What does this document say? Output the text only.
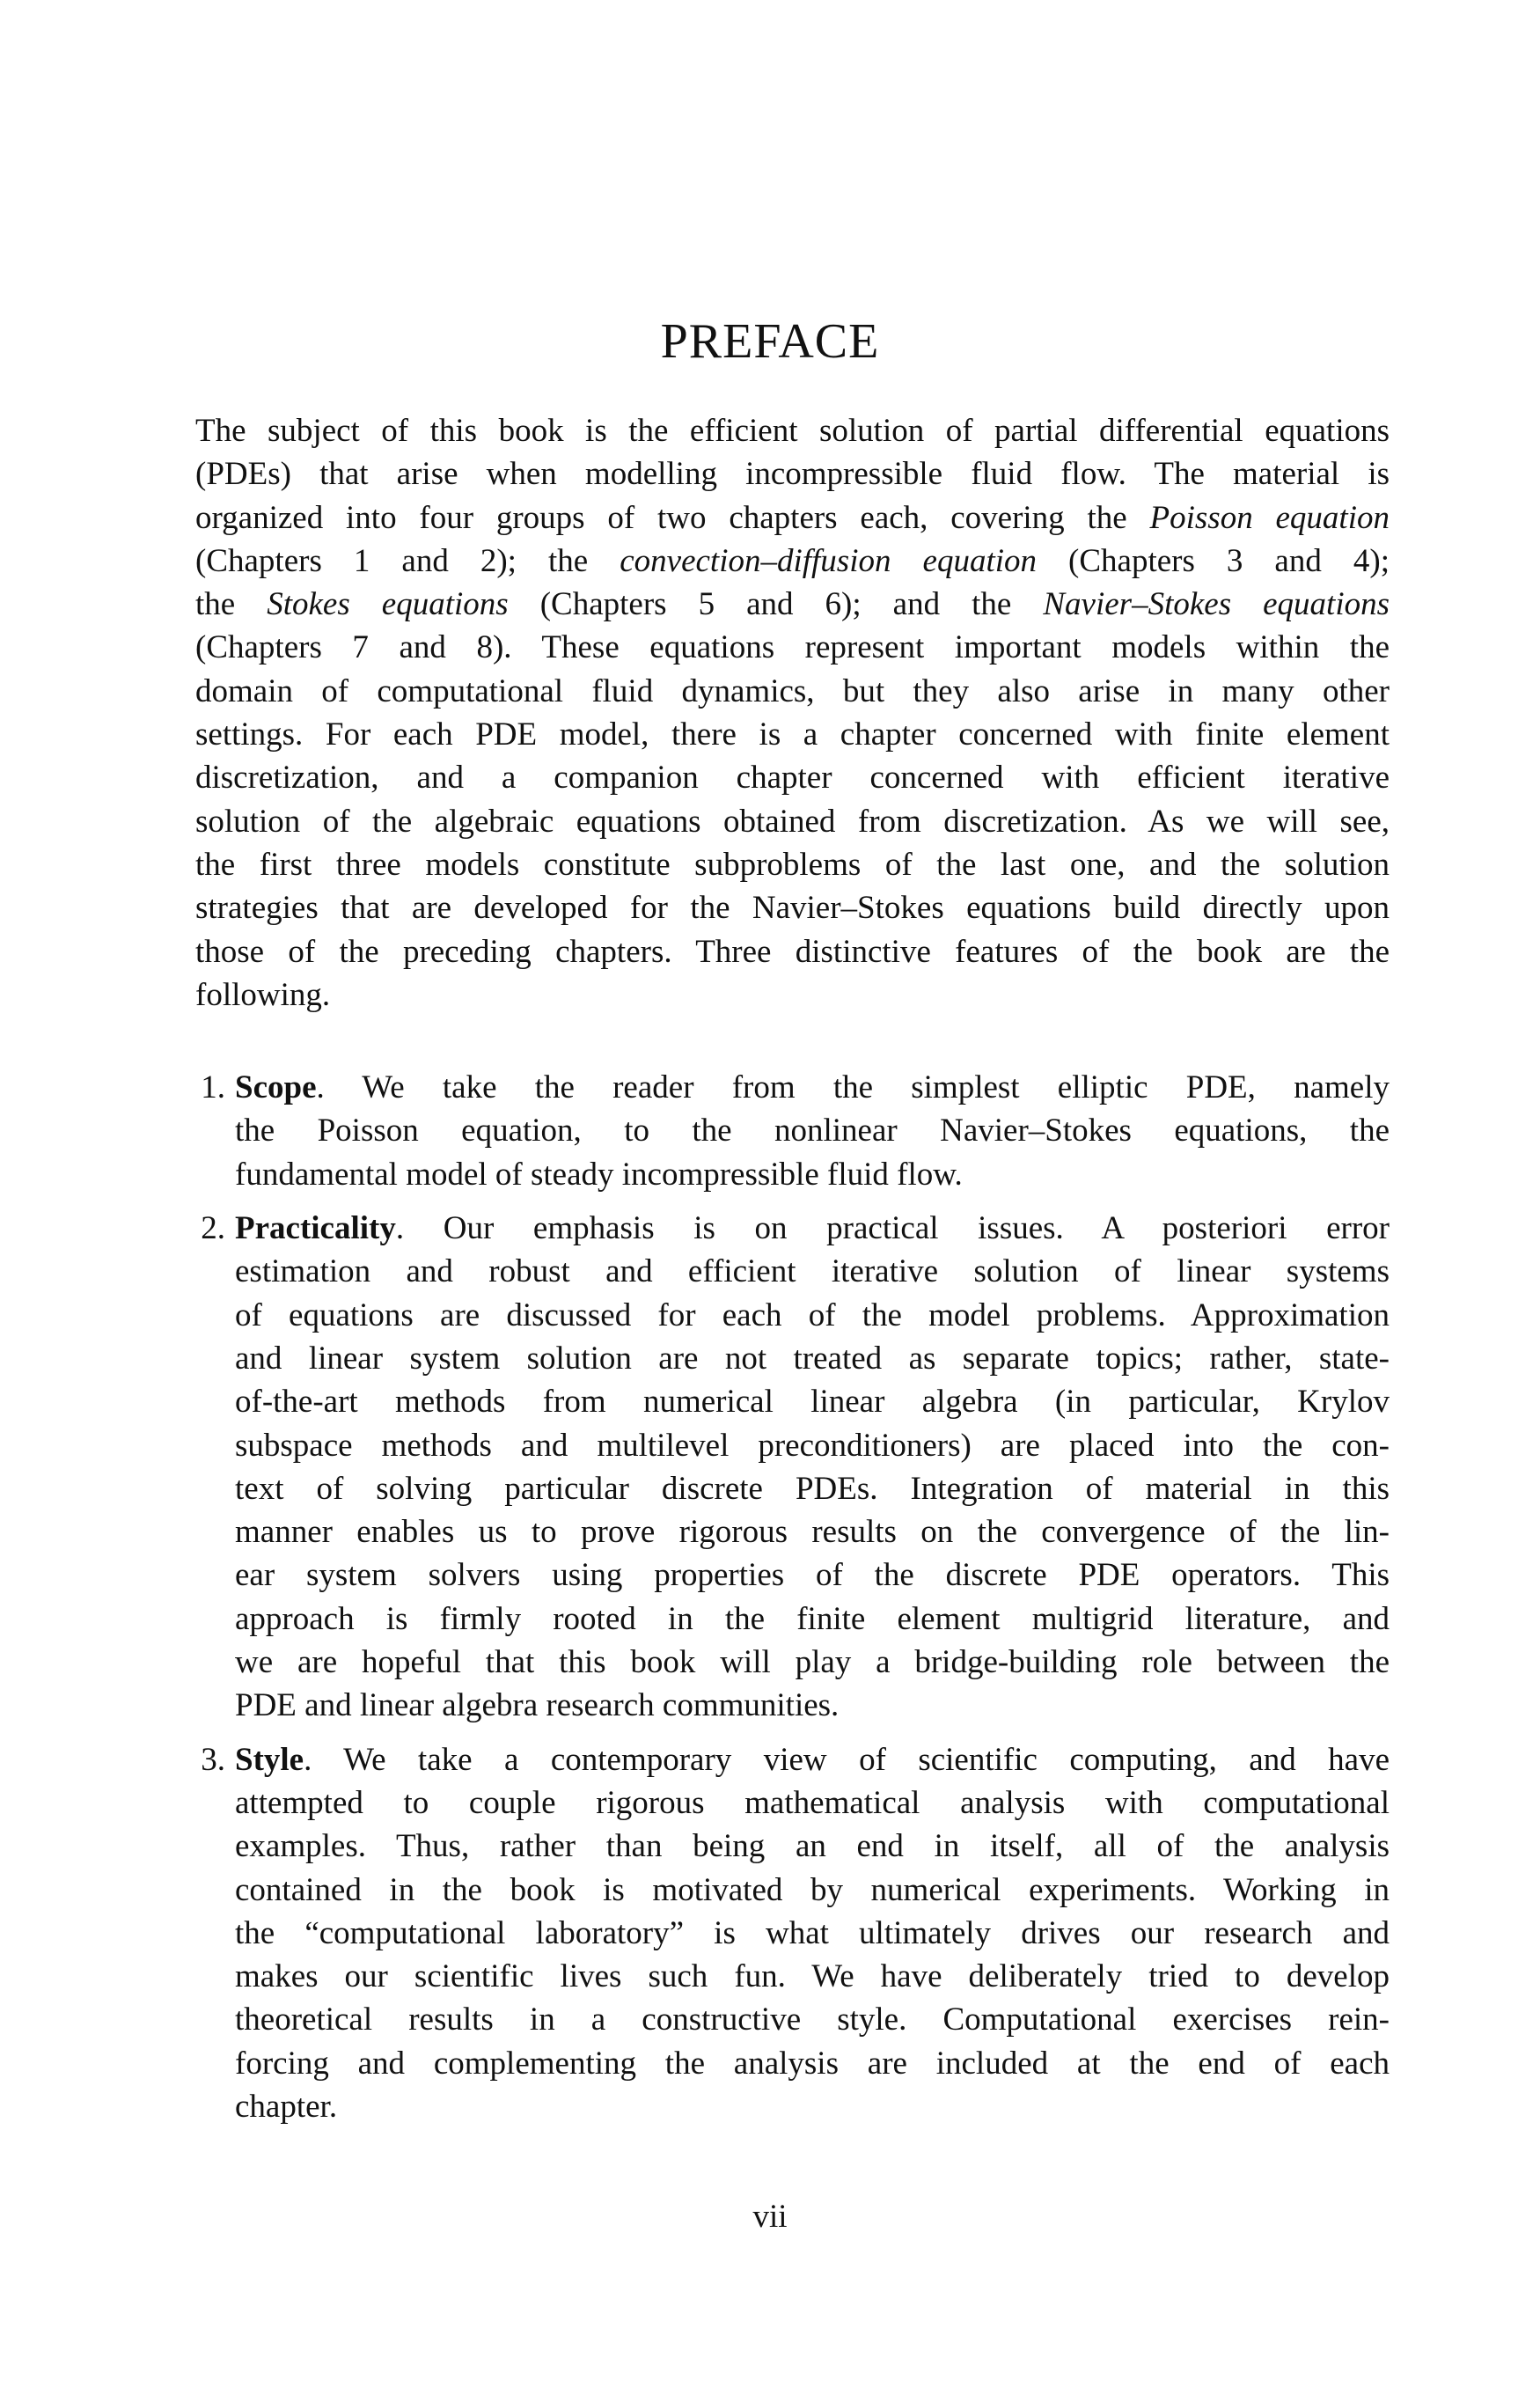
PREFACE
The subject of this book is the efficient solution of partial differential equations
(PDEs) that arise when modelling incompressible fluid flow. The material is
organized into four groups of two chapters each, covering the Poisson equation
(Chapters 1 and 2); the convection–diffusion equation (Chapters 3 and 4);
the Stokes equations (Chapters 5 and 6); and the Navier–Stokes equations
(Chapters 7 and 8). These equations represent important models within the
domain of computational fluid dynamics, but they also arise in many other
settings. For each PDE model, there is a chapter concerned with finite element
discretization, and a companion chapter concerned with efficient iterative
solution of the algebraic equations obtained from discretization. As we will see,
the first three models constitute subproblems of the last one, and the solution
strategies that are developed for the Navier–Stokes equations build directly upon
those of the preceding chapters. Three distinctive features of the book are the
following.
1. Scope. We take the reader from the simplest elliptic PDE, namely
the Poisson equation, to the nonlinear Navier–Stokes equations, the
fundamental model of steady incompressible fluid flow.
2. Practicality. Our emphasis is on practical issues. A posteriori error
estimation and robust and efficient iterative solution of linear systems
of equations are discussed for each of the model problems. Approximation
and linear system solution are not treated as separate topics; rather, state-
of-the-art methods from numerical linear algebra (in particular, Krylov
subspace methods and multilevel preconditioners) are placed into the con-
text of solving particular discrete PDEs. Integration of material in this
manner enables us to prove rigorous results on the convergence of the lin-
ear system solvers using properties of the discrete PDE operators. This
approach is firmly rooted in the finite element multigrid literature, and
we are hopeful that this book will play a bridge-building role between the
PDE and linear algebra research communities.
3. Style. We take a contemporary view of scientific computing, and have
attempted to couple rigorous mathematical analysis with computational
examples. Thus, rather than being an end in itself, all of the analysis
contained in the book is motivated by numerical experiments. Working in
the “computational laboratory” is what ultimately drives our research and
makes our scientific lives such fun. We have deliberately tried to develop
theoretical results in a constructive style. Computational exercises rein-
forcing and complementing the analysis are included at the end of each
chapter.
vii
